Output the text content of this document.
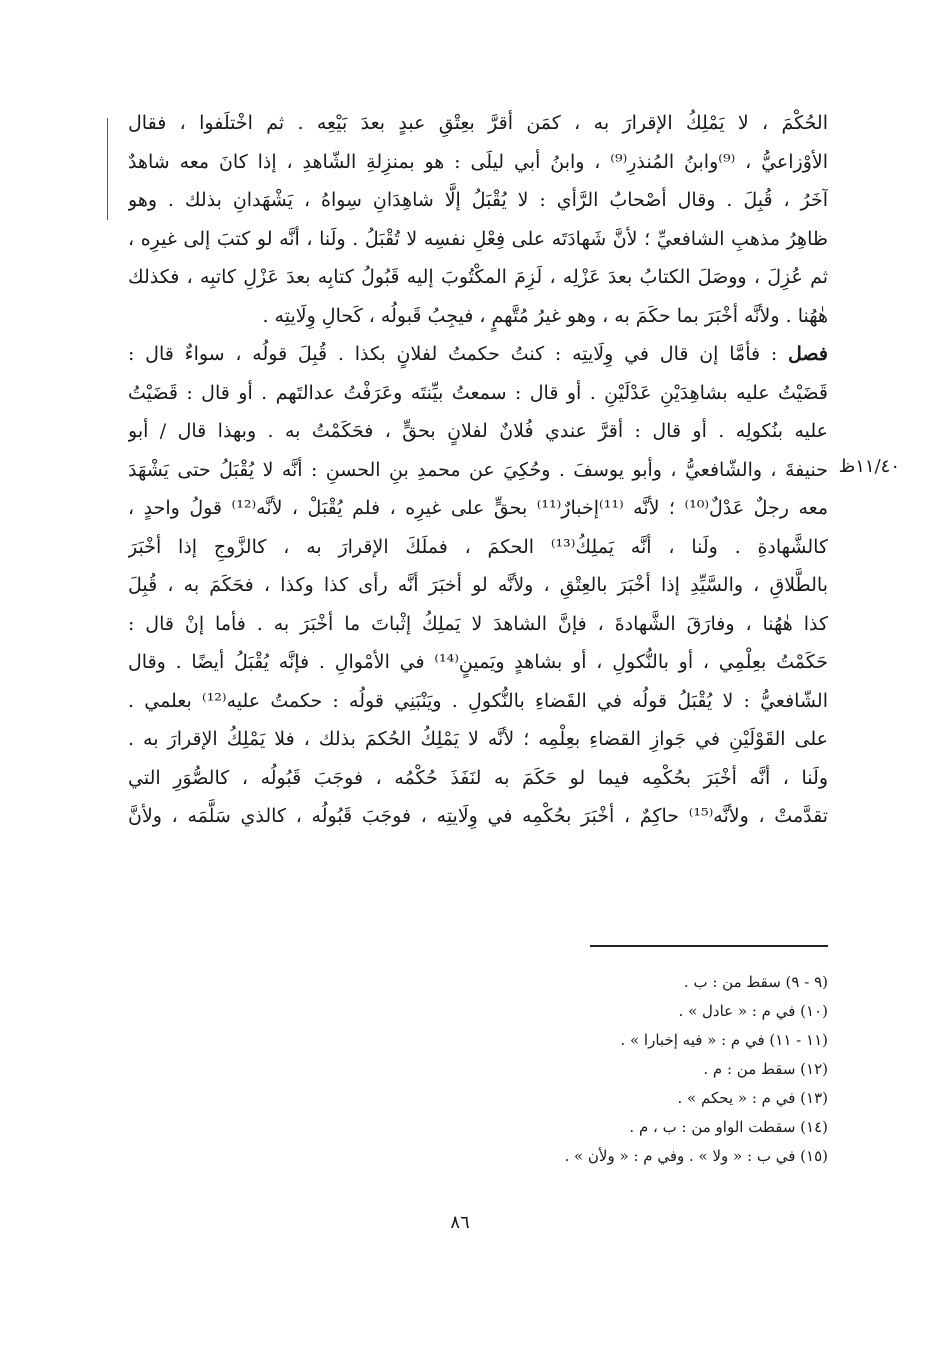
١١/٤٠ظ
الحُكْمَ ، لا يَمْلِكُ الإقرارَ به ، كمَن أقرَّ بعِتْقِ عبدٍ بعدَ بَيْعِه . ثم اخْتلَفوا ، فقال
الأوْزاعيُّ ، ⁽⁹⁾وابنُ المُنذرِ⁽⁹⁾ ، وابنُ أبي ليلَى : هو بمنزِلةِ الشّاهدِ ، إذا كانَ معه شاهدٌ
آخَرُ ، قُبِلَ . وقال أصْحابُ الرَّأي : لا يُقْبَلُ إلَّا شاهِدَانِ سِواهُ ، يَشْهَدانِ بذلك . وهو
ظاهِرُ مذهبِ الشافعيِّ ؛ لأنَّ شَهادَتَه على فِعْلِ نفسِه لا تُقْبَلُ . ولَنا ، أنَّه لو كتبَ إلى غيرِه ،
ثم عُزِلَ ، ووصَلَ الكتابُ بعدَ عَزْلِه ، لَزِمَ المكْتُوبَ إليه قَبُولُ كتابِه بعدَ عَزْلِ كاتبِه ، فكذلك
هٰهُنا . ولأنَّه أخْبَرَ بما حكَمَ به ، وهو غيرُ مُتَّهمٍ ، فيجِبُ قَبولُه ، كَحالِ وِلَايتِه .
فصل : فأمَّا إن قال في وِلَايتِه : كنتُ حكمتُ لفلانٍ بكذا . قُبِلَ قولُه ، سواءٌ قال :
قَضَيْتُ عليه بشاهِدَيْنِ عَدْلَيْنِ . أو قال : سمعتُ بيِّنتَه وعَرَفْتُ عدالتَهم . أو قال : قَضَيْتُ
عليه بنُكولِه . أو قال : أقرَّ عندي فُلانٌ لفلانٍ بحقٍّ ، فحَكَمْتُ به . وبهذا قال / أبو
حنيفةَ ، والشّافعيُّ ، وأبو يوسفَ . وحُكِيَ عن محمدِ بنِ الحسنِ : أنَّه لا يُقْبَلُ حتى يَشْهَدَ
معه رجلٌ عَدْلٌ⁽¹⁰⁾ ؛ لأنَّه ⁽¹¹⁾إخبارٌ⁽¹¹⁾ بحقٍّ على غيرِه ، فلم يُقْبَلْ ، لأنَّه⁽¹²⁾ قولُ واحدٍ ،
كالشَّهادةِ . ولَنا ، أنَّه يَملِكُ⁽¹³⁾ الحكمَ ، فملَكَ الإقرارَ به ، كالزَّوجِ إذا أخْبَرَ
بالطَّلاقِ ، والسَّيِّدِ إذا أخْبَرَ بالعِتْقِ ، ولأنَّه لو أخبَرَ أنَّه رأى كذا وكذا ، فحَكَمَ به ، قُبِلَ
كذا هٰهُنا ، وفارَقَ الشَّهادةَ ، فإنَّ الشاهدَ لا يَملِكُ إثْباتَ ما أخْبَرَ به . فأما إنْ قال :
حَكَمْتُ بعِلْمِي ، أو بالنُّكولِ ، أو بشاهدٍ ويَمينٍ⁽¹⁴⁾ في الأمْوالِ . فإنَّه يُقْبَلُ أيضًا . وقال
الشّافعيُّ : لا يُقْبَلُ قولُه في القَضاءِ بالنُّكولِ . ويَنْبَنِي قولُه : حكمتُ عليه⁽¹²⁾ بعلمي .
على القَوْلَيْنِ في جَوازِ القضاءِ بعِلْمِه ؛ لأنَّه لا يَمْلِكُ الحُكمَ بذلك ، فلا يَمْلِكُ الإقرارَ به .
ولَنا ، أنَّه أخْبَرَ بحُكْمِه فيما لو حَكَمَ به لنَفَذَ حُكْمُه ، فوجَبَ قَبُولُه ، كالصُّوَرِ التي
تقدَّمتْ ، ولأنَّه⁽¹⁵⁾ حاكِمٌ ، أخْبَرَ بحُكْمِه في وِلَايتِه ، فوجَبَ قَبُولُه ، كالذي سَلَّمَه ، ولأنَّ
(٩ - ٩) سقط من : ب .
(١٠) في م : « عادل » .
(١١ - ١١) في م : « فيه إخبارا » .
(١٢) سقط من : م .
(١٣) في م : « يحكم » .
(١٤) سقطت الواو من : ب ، م .
(١٥) في ب : « ولا » . وفي م : « ولأن » .
٨٦
